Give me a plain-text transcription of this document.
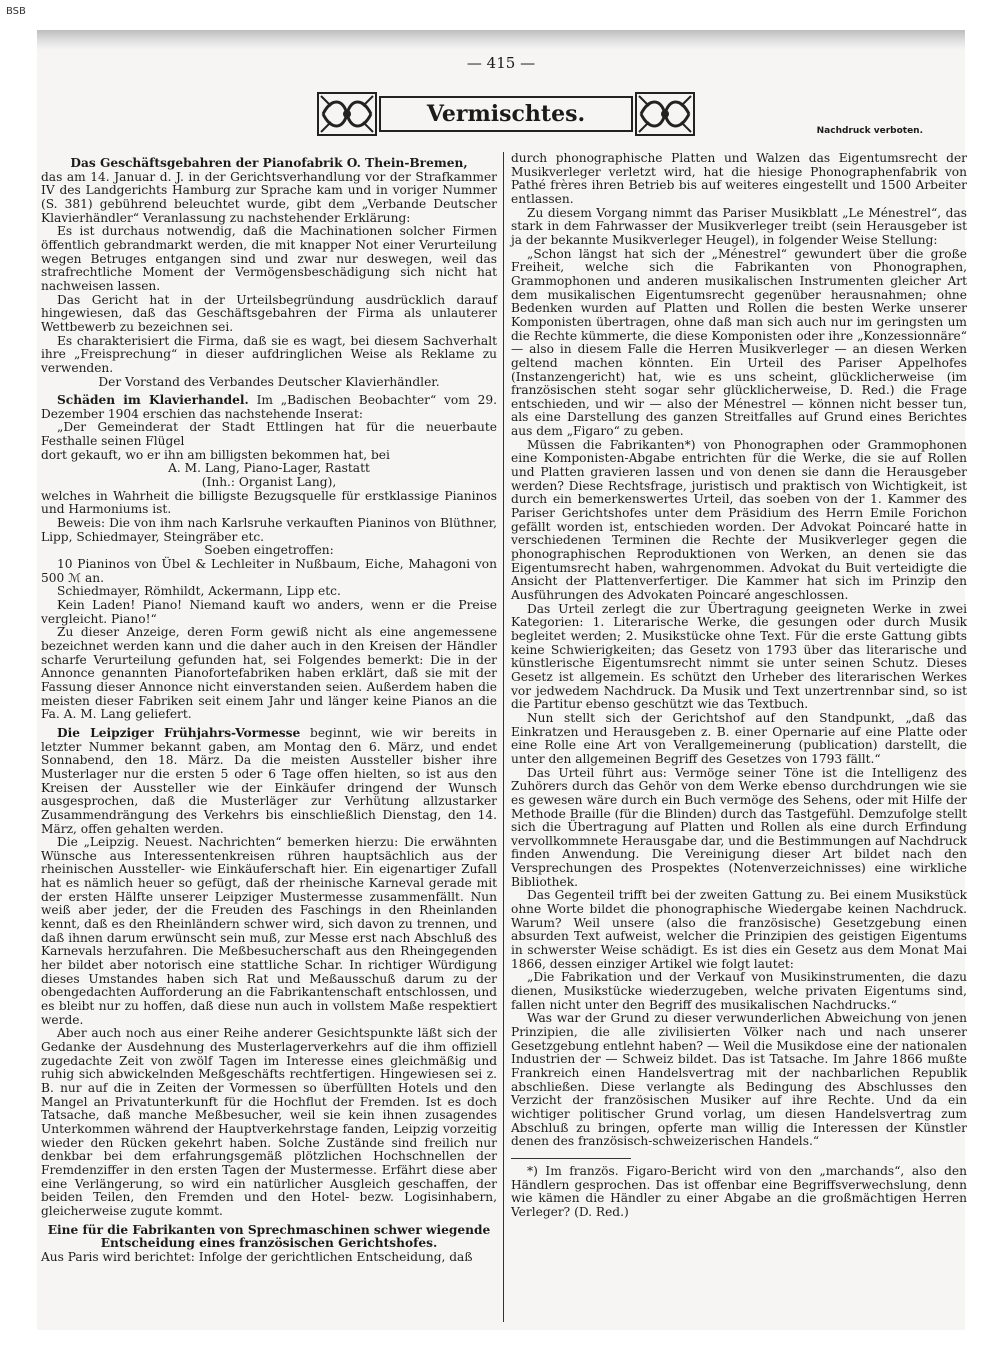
BSB
— 415 —
Vermischtes.
Nachdruck verboten.
Das Geschäftsgebahren der Pianofabrik O. Thein-Bremen,

das am 14. Januar d. J. in der Gerichtsverhandlung vor der Strafkammer IV des Landgerichts Hamburg zur Sprache kam und in voriger Nummer (S. 381) gebührend beleuchtet wurde, gibt dem „Verbande Deutscher Klavierhändler“ Veranlassung zu nachstehender Erklärung:

Es ist durchaus notwendig, daß die Machinationen solcher Firmen öffentlich gebrandmarkt werden, die mit knapper Not einer Verurteilung wegen Betruges entgangen sind und zwar nur deswegen, weil das strafrechtliche Moment der Vermögensbeschädigung sich nicht hat nachweisen lassen.

Das Gericht hat in der Urteilsbegründung ausdrücklich darauf hingewiesen, daß das Geschäftsgebahren der Firma als unlauterer Wettbewerb zu bezeichnen sei.

Es charakterisiert die Firma, daß sie es wagt, bei diesem Sachverhalt ihre „Freisprechung“ in dieser aufdringlichen Weise als Reklame zu verwenden.

Der Vorstand des Verbandes Deutscher Klavierhändler.

Schäden im Klavierhandel. Im „Badischen Beobachter“ vom 29. Dezember 1904 erschien das nachstehende Inserat:

„Der Gemeinderat der Stadt Ettlingen hat für die neuerbaute Festhalle seinen Flügel

dort gekauft, wo er ihn am billigsten bekommen hat, bei

A. M. Lang, Piano-Lager, Rastatt

(Inh.: Organist Lang),

welches in Wahrheit die billigste Bezugsquelle für erstklassige Pianinos und Harmoniums ist.

Beweis: Die von ihm nach Karlsruhe verkauften Pianinos von Blüthner, Lipp, Schiedmayer, Steingräber etc.

Soeben eingetroffen:

10 Pianinos von Übel & Lechleiter in Nußbaum, Eiche, Mahagoni von 500 ℳ an.

Schiedmayer, Römhildt, Ackermann, Lipp etc.

Kein Laden! Piano! Niemand kauft wo anders, wenn er die Preise vergleicht. Piano!“

Zu dieser Anzeige, deren Form gewiß nicht als eine angemessene bezeichnet werden kann und die daher auch in den Kreisen der Händler scharfe Verurteilung gefunden hat, sei Folgendes bemerkt: Die in der Annonce genannten Pianofortefabriken haben erklärt, daß sie mit der Fassung dieser Annonce nicht einverstanden seien. Außerdem haben die meisten dieser Fabriken seit einem Jahr und länger keine Pianos an die Fa. A. M. Lang geliefert.

Die Leipziger Frühjahrs-Vormesse beginnt, wie wir bereits in letzter Nummer bekannt gaben, am Montag den 6. März, und endet Sonnabend, den 18. März. Da die meisten Aussteller bisher ihre Musterlager nur die ersten 5 oder 6 Tage offen hielten, so ist aus den Kreisen der Aussteller wie der Einkäufer dringend der Wunsch ausgesprochen, daß die Musterläger zur Verhütung allzustarker Zusammendrängung des Verkehrs bis einschließlich Dienstag, den 14. März, offen gehalten werden.

Die „Leipzig. Neuest. Nachrichten“ bemerken hierzu: Die erwähnten Wünsche aus Interessentenkreisen rühren hauptsächlich aus der rheinischen Aussteller- wie Einkäuferschaft hier. Ein eigenartiger Zufall hat es nämlich heuer so gefügt, daß der rheinische Karneval gerade mit der ersten Hälfte unserer Leipziger Mustermesse zusammenfällt. Nun weiß aber jeder, der die Freuden des Faschings in den Rheinlanden kennt, daß es den Rheinländern schwer wird, sich davon zu trennen, und daß ihnen darum erwünscht sein muß, zur Messe erst nach Abschluß des Karnevals herzufahren. Die Meßbesucherschaft aus den Rheingegenden her bildet aber notorisch eine stattliche Schar. In richtiger Würdigung dieses Umstandes haben sich Rat und Meßausschuß darum zu der obengedachten Aufforderung an die Fabrikantenschaft entschlossen, und es bleibt nur zu hoffen, daß diese nun auch in vollstem Maße respektiert werde.

Aber auch noch aus einer Reihe anderer Gesichtspunkte läßt sich der Gedanke der Ausdehnung des Musterlagerverkehrs auf die ihm offiziell zugedachte Zeit von zwölf Tagen im Interesse eines gleichmäßig und ruhig sich abwickelnden Meßgeschäfts rechtfertigen. Hingewiesen sei z. B. nur auf die in Zeiten der Vormessen so überfüllten Hotels und den Mangel an Privatunterkunft für die Hochflut der Fremden. Ist es doch Tatsache, daß manche Meßbesucher, weil sie kein ihnen zusagendes Unterkommen während der Hauptverkehrstage fanden, Leipzig vorzeitig wieder den Rücken gekehrt haben. Solche Zustände sind freilich nur denkbar bei dem erfahrungsgemäß plötzlichen Hochschnellen der Fremdenziffer in den ersten Tagen der Mustermesse. Erfährt diese aber eine Verlängerung, so wird ein natürlicher Ausgleich geschaffen, der beiden Teilen, den Fremden und den Hotel- bezw. Logisinhabern, gleicherweise zugute kommt.

Eine für die Fabrikanten von Sprechmaschinen schwer wiegende Entscheidung eines französischen Gerichtshofes.

Aus Paris wird berichtet: Infolge der gerichtlichen Entscheidung, daß

durch phonographische Platten und Walzen das Eigentumsrecht der Musikverleger verletzt wird, hat die hiesige Phonographenfabrik von Pathé frères ihren Betrieb bis auf weiteres eingestellt und 1500 Arbeiter entlassen.

Zu diesem Vorgang nimmt das Pariser Musikblatt „Le Ménestrel“, das stark in dem Fahrwasser der Musikverleger treibt (sein Herausgeber ist ja der bekannte Musikverleger Heugel), in folgender Weise Stellung:

„Schon längst hat sich der „Ménestrel“ gewundert über die große Freiheit, welche sich die Fabrikanten von Phonographen, Grammophonen und anderen musikalischen Instrumenten gleicher Art dem musikalischen Eigentumsrecht gegenüber herausnahmen; ohne Bedenken wurden auf Platten und Rollen die besten Werke unserer Komponisten übertragen, ohne daß man sich auch nur im geringsten um die Rechte kümmerte, die diese Komponisten oder ihre „Konzessionnäre“ — also in diesem Falle die Herren Musikverleger — an diesen Werken geltend machen könnten. Ein Urteil des Pariser Appelhofes (Instanzengericht) hat, wie es uns scheint, glücklicherweise (im französischen steht sogar sehr glücklicherweise, D. Red.) die Frage entschieden, und wir — also der Ménestrel — können nicht besser tun, als eine Darstellung des ganzen Streitfalles auf Grund eines Berichtes aus dem „Figaro“ zu geben.

Müssen die Fabrikanten*) von Phonographen oder Grammophonen eine Komponisten-Abgabe entrichten für die Werke, die sie auf Rollen und Platten gravieren lassen und von denen sie dann die Herausgeber werden? Diese Rechtsfrage, juristisch und praktisch von Wichtigkeit, ist durch ein bemerkenswertes Urteil, das soeben von der 1. Kammer des Pariser Gerichtshofes unter dem Präsidium des Herrn Emile Forichon gefällt worden ist, entschieden worden. Der Advokat Poincaré hatte in verschiedenen Terminen die Rechte der Musikverleger gegen die phonographischen Reproduktionen von Werken, an denen sie das Eigentumsrecht haben, wahrgenommen. Advokat du Buit verteidigte die Ansicht der Plattenverfertiger. Die Kammer hat sich im Prinzip den Ausführungen des Advokaten Poincaré angeschlossen.

Das Urteil zerlegt die zur Übertragung geeigneten Werke in zwei Kategorien: 1. Literarische Werke, die gesungen oder durch Musik begleitet werden; 2. Musikstücke ohne Text. Für die erste Gattung gibts keine Schwierigkeiten; das Gesetz von 1793 über das literarische und künstlerische Eigentumsrecht nimmt sie unter seinen Schutz. Dieses Gesetz ist allgemein. Es schützt den Urheber des literarischen Werkes vor jedwedem Nachdruck. Da Musik und Text unzertrennbar sind, so ist die Partitur ebenso geschützt wie das Textbuch.

Nun stellt sich der Gerichtshof auf den Standpunkt, „daß das Einkratzen und Herausgeben z. B. einer Opernarie auf eine Platte oder eine Rolle eine Art von Verallgemeinerung (publication) darstellt, die unter den allgemeinen Begriff des Gesetzes von 1793 fällt.“

Das Urteil führt aus: Vermöge seiner Töne ist die Intelligenz des Zuhörers durch das Gehör von dem Werke ebenso durchdrungen wie sie es gewesen wäre durch ein Buch vermöge des Sehens, oder mit Hilfe der Methode Braille (für die Blinden) durch das Tastgefühl. Demzufolge stellt sich die Übertragung auf Platten und Rollen als eine durch Erfindung vervollkommnete Herausgabe dar, und die Bestimmungen auf Nachdruck finden Anwendung. Die Vereinigung dieser Art bildet nach den Versprechungen des Prospektes (Notenverzeichnisses) eine wirkliche Bibliothek.

Das Gegenteil trifft bei der zweiten Gattung zu. Bei einem Musikstück ohne Worte bildet die phonographische Wiedergabe keinen Nachdruck. Warum? Weil unsere (also die französische) Gesetzgebung einen absurden Text aufweist, welcher die Prinzipien des geistigen Eigentums in schwerster Weise schädigt. Es ist dies ein Gesetz aus dem Monat Mai 1866, dessen einziger Artikel wie folgt lautet:

„Die Fabrikation und der Verkauf von Musikinstrumenten, die dazu dienen, Musikstücke wiederzugeben, welche privaten Eigentums sind, fallen nicht unter den Begriff des musikalischen Nachdrucks.“

Was war der Grund zu dieser verwunderlichen Abweichung von jenen Prinzipien, die alle zivilisierten Völker nach und nach unserer Gesetzgebung entlehnt haben? — Weil die Musikdose eine der nationalen Industrien der — Schweiz bildet. Das ist Tatsache. Im Jahre 1866 mußte Frankreich einen Handelsvertrag mit der nachbarlichen Republik abschließen. Diese verlangte als Bedingung des Abschlusses den Verzicht der französischen Musiker auf ihre Rechte. Und da ein wichtiger politischer Grund vorlag, um diesen Handelsvertrag zum Abschluß zu bringen, opferte man willig die Interessen der Künstler denen des französisch-schweizerischen Handels.“

*) Im französ. Figaro-Bericht wird von den „marchands“, also den Händlern gesprochen. Das ist offenbar eine Begriffsverwechslung, denn wie kämen die Händler zu einer Abgabe an die großmächtigen Herren Verleger? (D. Red.)
